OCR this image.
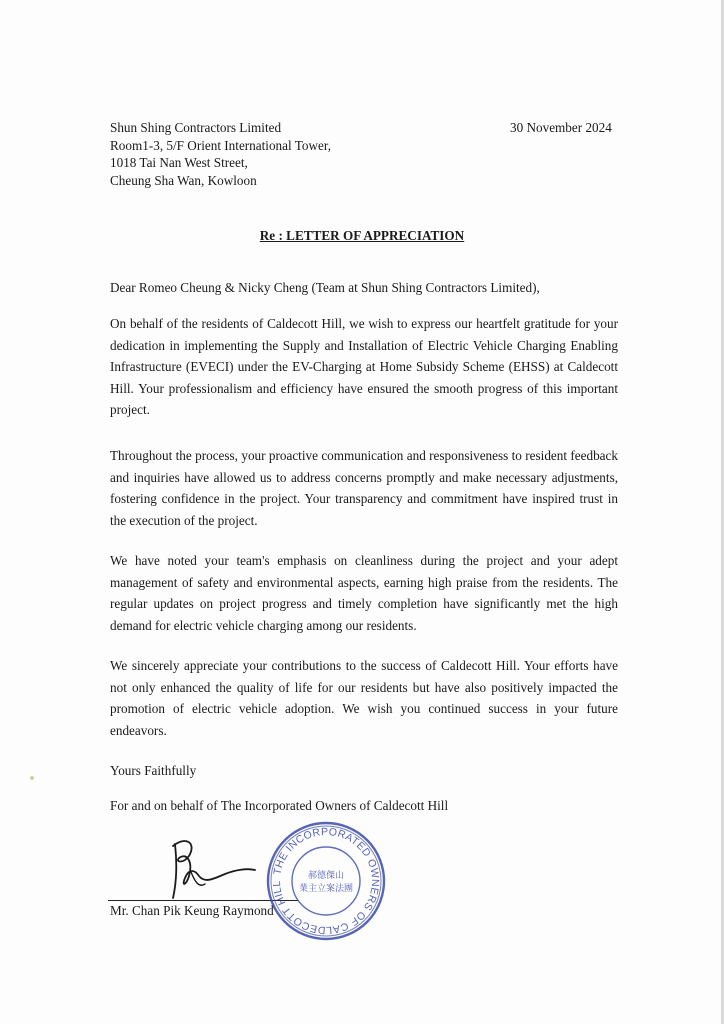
Shun Shing Contractors Limited
Room1-3, 5/F Orient International Tower,
1018 Tai Nan West Street,
Cheung Sha Wan, Kowloon
30 November 2024
Re : LETTER OF APPRECIATION
Dear Romeo Cheung & Nicky Cheng (Team at Shun Shing Contractors Limited),
On behalf of the residents of Caldecott Hill, we wish to express our heartfelt gratitude for your dedication in implementing the Supply and Installation of Electric Vehicle Charging Enabling Infrastructure (EVECI) under the EV-Charging at Home Subsidy Scheme (EHSS) at Caldecott Hill. Your professionalism and efficiency have ensured the smooth progress of this important project.
Throughout the process, your proactive communication and responsiveness to resident feedback and inquiries have allowed us to address concerns promptly and make necessary adjustments, fostering confidence in the project. Your transparency and commitment have inspired trust in the execution of the project.
We have noted your team's emphasis on cleanliness during the project and your adept management of safety and environmental aspects, earning high praise from the residents. The regular updates on project progress and timely completion have significantly met the high demand for electric vehicle charging among our residents.
We sincerely appreciate your contributions to the success of Caldecott Hill. Your efforts have not only enhanced the quality of life for our residents but have also positively impacted the promotion of electric vehicle adoption. We wish you continued success in your future endeavors.
Yours Faithfully
For and on behalf of The Incorporated Owners of Caldecott Hill
Mr. Chan Pik Keung Raymond
THE INCORPORATED OWNERS OF CALDECOTT HILL
郝德傑山
業主立案法團
